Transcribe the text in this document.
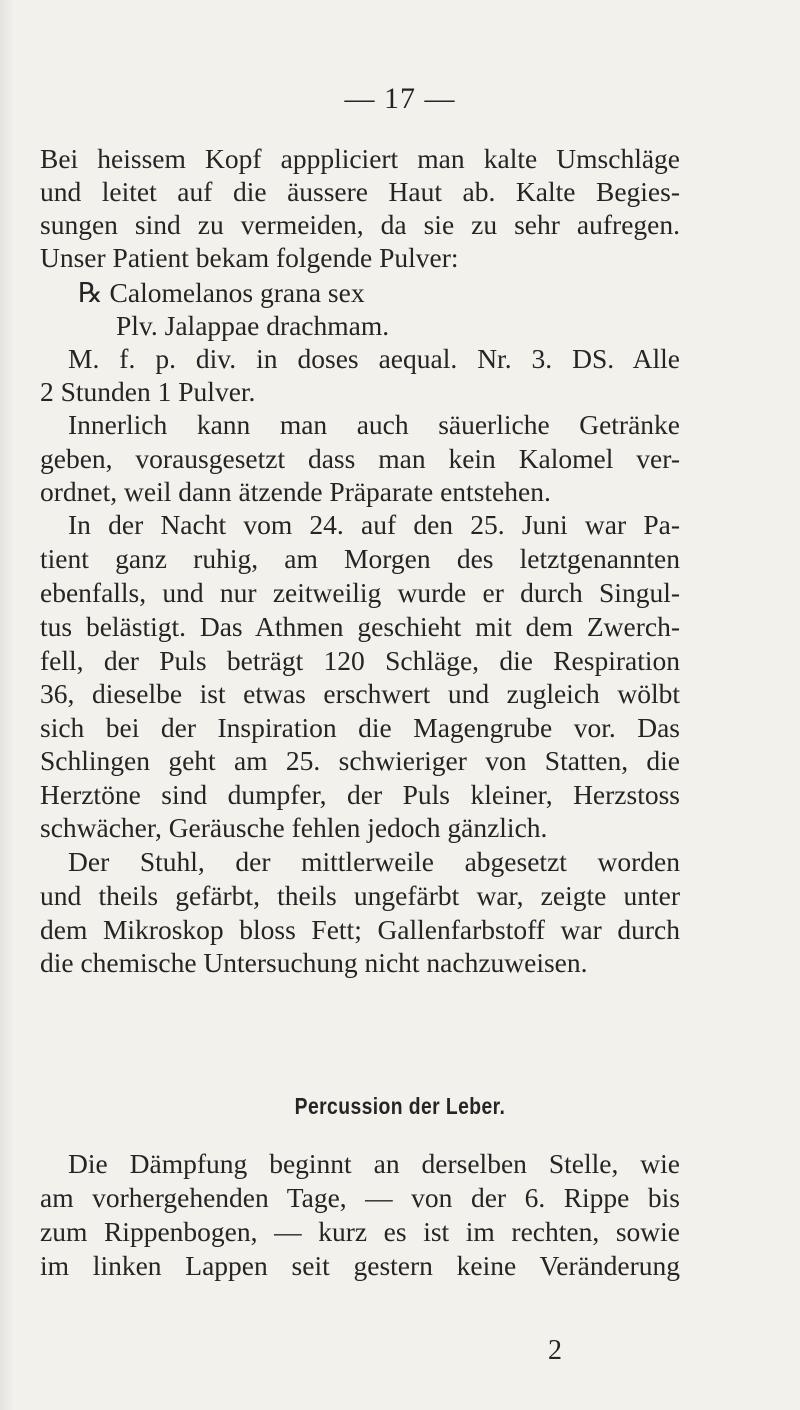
— 17 —
Bei heissem Kopf apppliciert man kalte Umschläge
und leitet auf die äussere Haut ab. Kalte Begies-
sungen sind zu vermeiden, da sie zu sehr aufregen.
Unser Patient bekam folgende Pulver:
℞ Calomelanos grana sex
Plv. Jalappae drachmam.
M. f. p. div. in doses aequal. Nr. 3. DS. Alle
2 Stunden 1 Pulver.
Innerlich kann man auch säuerliche Getränke
geben, vorausgesetzt dass man kein Kalomel ver-
ordnet, weil dann ätzende Präparate entstehen.
In der Nacht vom 24. auf den 25. Juni war Pa-
tient ganz ruhig, am Morgen des letztgenannten
ebenfalls, und nur zeitweilig wurde er durch Singul-
tus belästigt. Das Athmen geschieht mit dem Zwerch-
fell, der Puls beträgt 120 Schläge, die Respiration
36, dieselbe ist etwas erschwert und zugleich wölbt
sich bei der Inspiration die Magengrube vor. Das
Schlingen geht am 25. schwieriger von Statten, die
Herztöne sind dumpfer, der Puls kleiner, Herzstoss
schwächer, Geräusche fehlen jedoch gänzlich.
Der Stuhl, der mittlerweile abgesetzt worden
und theils gefärbt, theils ungefärbt war, zeigte unter
dem Mikroskop bloss Fett; Gallenfarbstoff war durch
die chemische Untersuchung nicht nachzuweisen.
Percussion der Leber.
Die Dämpfung beginnt an derselben Stelle, wie
am vorhergehenden Tage, — von der 6. Rippe bis
zum Rippenbogen, — kurz es ist im rechten, sowie
im linken Lappen seit gestern keine Veränderung
2
